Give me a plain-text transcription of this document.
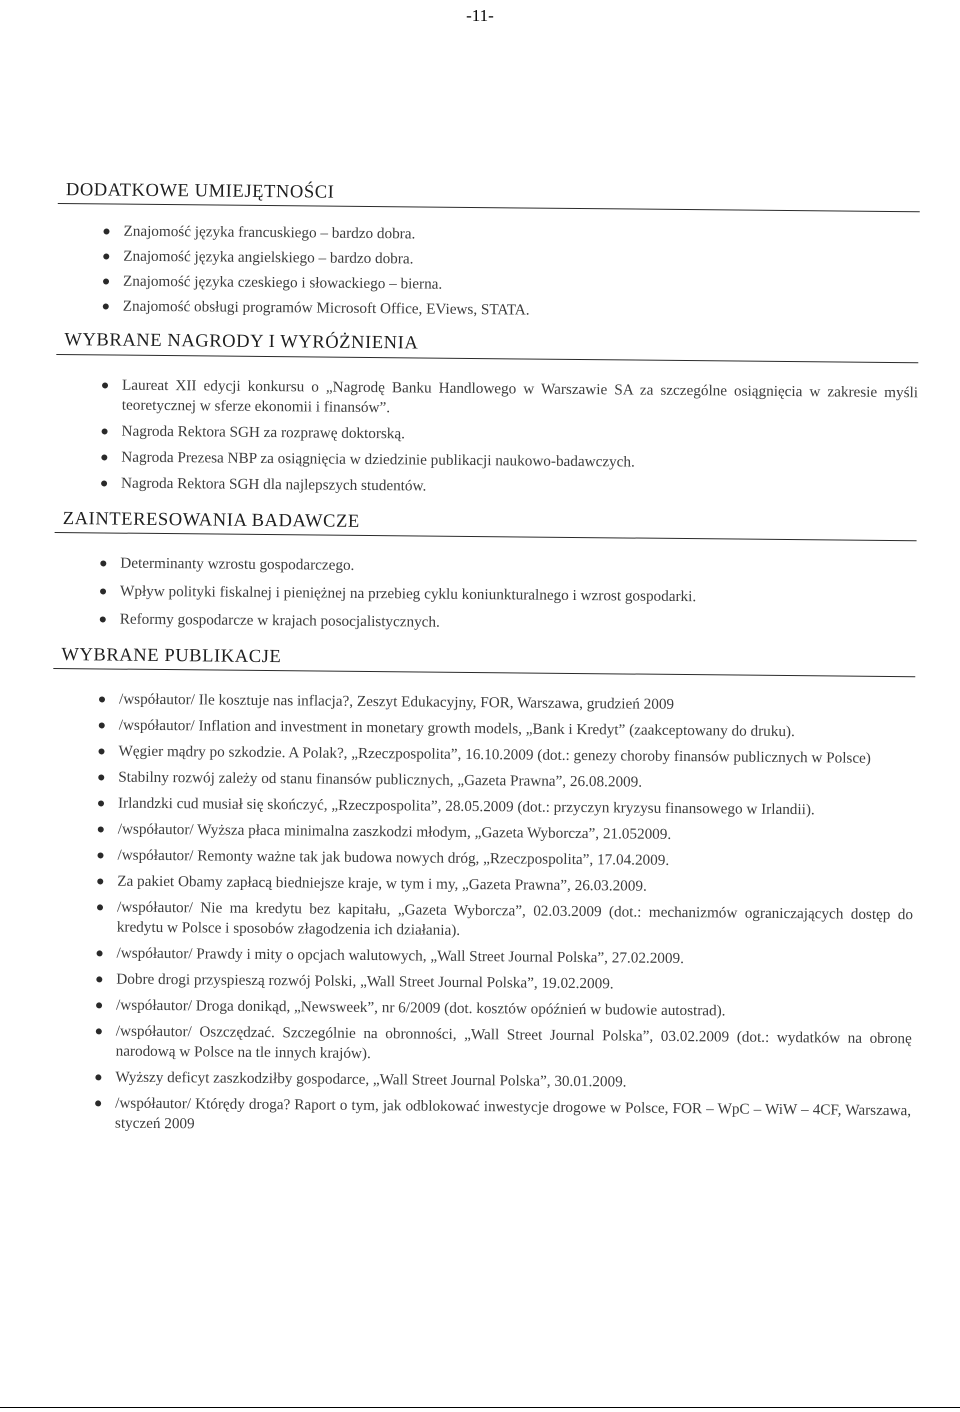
-11-
DODATKOWE UMIEJĘTNOŚCI
Znajomość języka francuskiego – bardzo dobra.
Znajomość języka angielskiego – bardzo dobra.
Znajomość języka czeskiego i słowackiego – bierna.
Znajomość obsługi programów Microsoft Office, EViews, STATA.
WYBRANE NAGRODY I WYRÓŻNIENIA
Laureat XII edycji konkursu o „Nagrodę Banku Handlowego w Warszawie SA za szczególne osiągnięcia w zakresie myśli teoretycznej w sferze ekonomii i finansów”.
Nagroda Rektora SGH za rozprawę doktorską.
Nagroda Prezesa NBP za osiągnięcia w dziedzinie publikacji naukowo-badawczych.
Nagroda Rektora SGH dla najlepszych studentów.
ZAINTERESOWANIA BADAWCZE
Determinanty wzrostu gospodarczego.
Wpływ polityki fiskalnej i pieniężnej na przebieg cyklu koniunkturalnego i wzrost gospodarki.
Reformy gospodarcze w krajach posocjalistycznych.
WYBRANE PUBLIKACJE
/współautor/ Ile kosztuje nas inflacja?, Zeszyt Edukacyjny, FOR, Warszawa, grudzień 2009
/współautor/ Inflation and investment in monetary growth models, „Bank i Kredyt” (zaakceptowany do druku).
Węgier mądry po szkodzie. A Polak?, „Rzeczpospolita”, 16.10.2009 (dot.: genezy choroby finansów publicznych w Polsce)
Stabilny rozwój zależy od stanu finansów publicznych, „Gazeta Prawna”, 26.08.2009.
Irlandzki cud musiał się skończyć, „Rzeczpospolita”, 28.05.2009 (dot.: przyczyn kryzysu finansowego w Irlandii).
/współautor/ Wyższa płaca minimalna zaszkodzi młodym, „Gazeta Wyborcza”, 21.052009.
/współautor/ Remonty ważne tak jak budowa nowych dróg, „Rzeczpospolita”, 17.04.2009.
Za pakiet Obamy zapłacą biedniejsze kraje, w tym i my, „Gazeta Prawna”, 26.03.2009.
/współautor/ Nie ma kredytu bez kapitału, „Gazeta Wyborcza”, 02.03.2009 (dot.: mechanizmów ograniczających dostęp do kredytu w Polsce i sposobów złagodzenia ich działania).
/współautor/ Prawdy i mity o opcjach walutowych, „Wall Street Journal Polska”, 27.02.2009.
Dobre drogi przyspieszą rozwój Polski, „Wall Street Journal Polska”, 19.02.2009.
/współautor/ Droga donikąd, „Newsweek”, nr 6/2009 (dot. kosztów opóźnień w budowie autostrad).
/współautor/ Oszczędzać. Szczególnie na obronności, „Wall Street Journal Polska”, 03.02.2009 (dot.: wydatków na obronę narodową w Polsce na tle innych krajów).
Wyższy deficyt zaszkodziłby gospodarce, „Wall Street Journal Polska”, 30.01.2009.
/współautor/ Którędy droga? Raport o tym, jak odblokować inwestycje drogowe w Polsce, FOR – WpC – WiW – 4CF, Warszawa, styczeń 2009
